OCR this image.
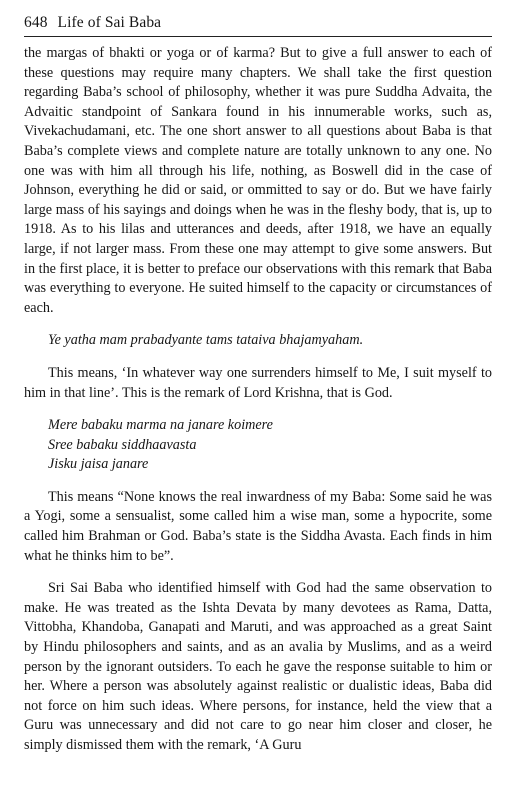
648 Life of Sai Baba

the margas of bhakti or yoga or of karma? But to give a full answer to each of these questions may require many chapters. We shall take the first question regarding Baba’s school of philosophy, whether it was pure Suddha Advaita, the Advaitic standpoint of Sankara found in his innumerable works, such as, Vivekachudamani, etc. The one short answer to all questions about Baba is that Baba’s complete views and complete nature are totally unknown to any one. No one was with him all through his life, nothing, as Boswell did in the case of Johnson, everything he did or said, or ommitted to say or do. But we have fairly large mass of his sayings and doings when he was in the fleshy body, that is, up to 1918. As to his lilas and utterances and deeds, after 1918, we have an equally large, if not larger mass. From these one may attempt to give some answers. But in the first place, it is better to preface our observations with this remark that Baba was everything to everyone. He suited himself to the capacity or circumstances of each.

Ye yatha mam prabadyante tams tataiva bhajamyaham.

This means, ‘In whatever way one surrenders himself to Me, I suit myself to him in that line’. This is the remark of Lord Krishna, that is God.

Mere babaku marma na janare koimere
Sree babaku siddhaavasta
Jisku jaisa janare

This means “None knows the real inwardness of my Baba: Some said he was a Yogi, some a sensualist, some called him a wise man, some a hypocrite, some called him Brahman or God. Baba’s state is the Siddha Avasta. Each finds in him what he thinks him to be”.

Sri Sai Baba who identified himself with God had the same observation to make. He was treated as the Ishta Devata by many devotees as Rama, Datta, Vittobha, Khandoba, Ganapati and Maruti, and was approached as a great Saint by Hindu philosophers and saints, and as an avalia by Muslims, and as a weird person by the ignorant outsiders. To each he gave the response suitable to him or her. Where a person was absolutely against realistic or dualistic ideas, Baba did not force on him such ideas. Where persons, for instance, held the view that a Guru was unnecessary and did not care to go near him closer and closer, he simply dismissed them with the remark, ‘A Guru
